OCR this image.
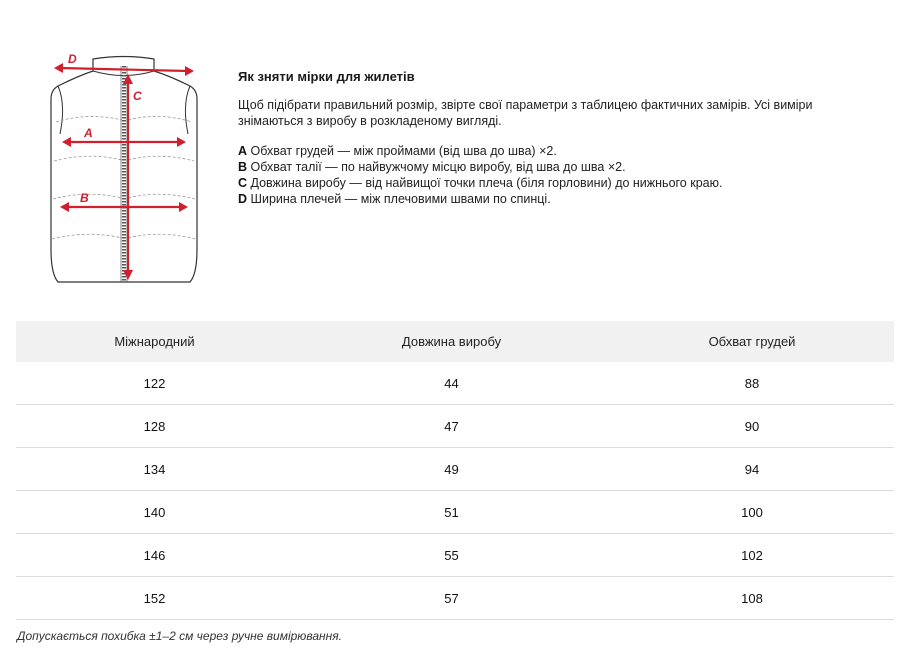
D
C
A
B
Як зняти мірки для жилетів
Щоб підібрати правильний розмір, звірте свої параметри з таблицею фактичних замірів. Усі виміри знімаються з виробу в розкладеному вигляді.
A Обхват грудей — між проймами (від шва до шва) ×2.
B Обхват талії — по найвужчому місцю виробу, від шва до шва ×2.
C Довжина виробу — від найвищої точки плеча (біля горловини) до нижнього краю.
D Ширина плечей — між плечовими швами по спинці.
Міжнародний	Довжина виробу	Обхват грудей
122	44	88
128	47	90
134	49	94
140	51	100
146	55	102
152	57	108
Допускається похибка ±1–2 см через ручне вимірювання.
